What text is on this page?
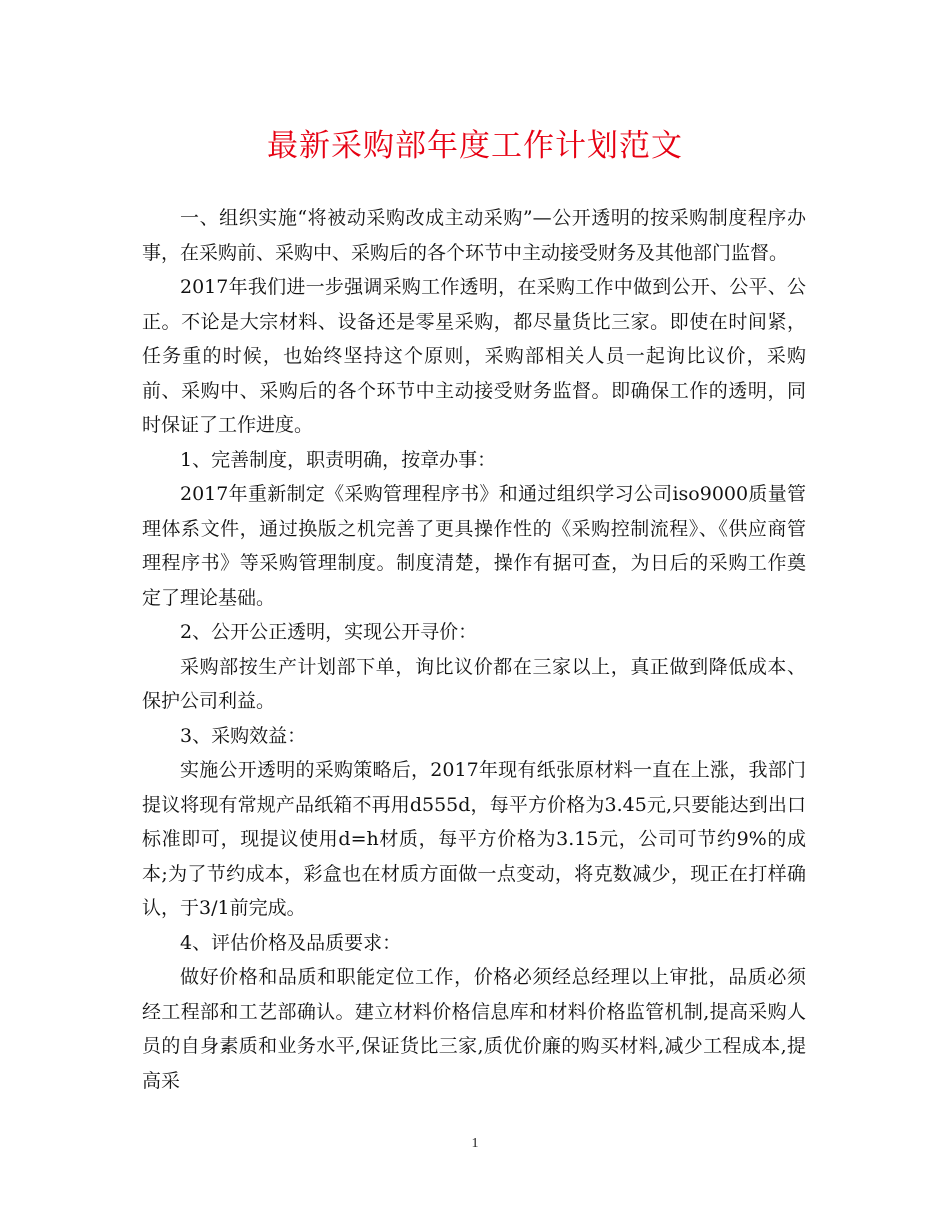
最新采购部年度工作计划范文

一、组织实施“将被动采购改成主动采购”—公开透明的按采购制度程序办事，在采购前、采购中、采购后的各个环节中主动接受财务及其他部门监督。

2017年我们进一步强调采购工作透明，在采购工作中做到公开、公平、公正。不论是大宗材料、设备还是零星采购，都尽量货比三家。即使在时间紧，任务重的时候，也始终坚持这个原则，采购部相关人员一起询比议价，采购前、采购中、采购后的各个环节中主动接受财务监督。即确保工作的透明，同时保证了工作进度。

1、完善制度，职责明确，按章办事：

2017年重新制定《采购管理程序书》和通过组织学习公司iso9000质量管理体系文件，通过换版之机完善了更具操作性的《采购控制流程》、《供应商管理程序书》等采购管理制度。制度清楚，操作有据可查，为日后的采购工作奠定了理论基础。

2、公开公正透明，实现公开寻价：

采购部按生产计划部下单，询比议价都在三家以上，真正做到降低成本、保护公司利益。

3、采购效益：

实施公开透明的采购策略后，2017年现有纸张原材料一直在上涨，我部门提议将现有常规产品纸箱不再用d555d，每平方价格为3.45元,只要能达到出口标准即可，现提议使用d=h材质，每平方价格为3.15元，公司可节约9%的成本;为了节约成本，彩盒也在材质方面做一点变动，将克数减少，现正在打样确认，于3/1前完成。

4、评估价格及品质要求：

做好价格和品质和职能定位工作，价格必须经总经理以上审批，品质必须经工程部和工艺部确认。建立材料价格信息库和材料价格监管机制,提高采购人员的自身素质和业务水平,保证货比三家,质优价廉的购买材料,减少工程成本,提高采

1
